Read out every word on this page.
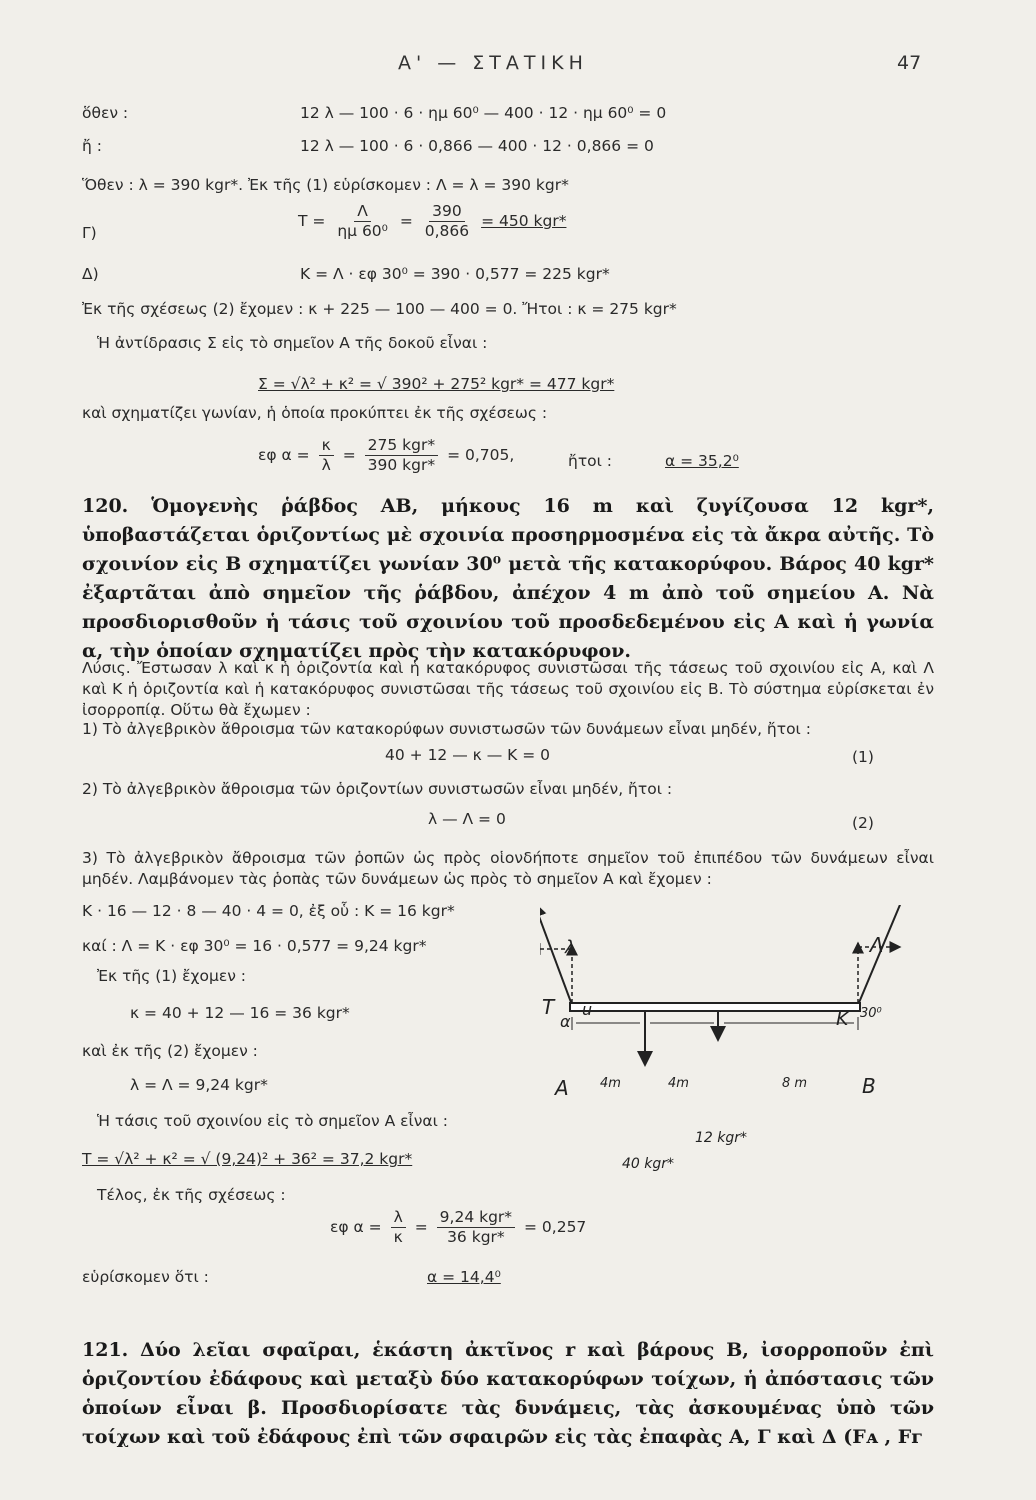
Α' — ΣΤΑΤΙΚΗ	47
ὅθεν :	12 λ — 100 · 6 · ημ 60⁰ — 400 · 12 · ημ 60⁰ = 0
ἤ :	12 λ — 100 · 6 · 0,866 — 400 · 12 · 0,866 = 0
Ὅθεν : λ = 390 kgr*. Ἐκ τῆς (1) εὑρίσκομεν : Λ = λ = 390 kgr*
Γ)
$T = \frac{\Lambda}{\text{ημ 60⁰}} = \frac{390}{0,866} = 450$ kgr*
Δ)	K = Λ · εφ 30⁰ = 390 · 0,577 = 225 kgr*
Ἐκ τῆς σχέσεως (2) ἔχομεν : κ + 225 — 100 — 400 = 0. Ἤτοι : κ = 275 kgr*
Ἡ ἀντίδρασις Σ εἰς τὸ σημεῖον Α τῆς δοκοῦ εἶναι :
Σ = √λ² + κ² = √ 390² + 275² kgr* = 477 kgr*
καὶ σχηματίζει γωνίαν, ἡ ὁποία προκύπτει ἐκ τῆς σχέσεως :
εφ $\alpha = \frac{\kappa}{\lambda} = \frac{\text{275 kgr*}}{\text{390 kgr*}} = 0,705$,	ἤτοι :	α = 35,2⁰
120. Ὁμογενὴς ῥάβδος ΑΒ, μήκους 16 m καὶ ζυγίζουσα 12 kgr*, ὑποβαστάζεται ὁριζοντίως μὲ σχοινία προσηρμοσμένα εἰς τὰ ἄκρα αὐτῆς. Τὸ σχοινίον εἰς Β σχηματίζει γωνίαν 30⁰ μετὰ τῆς κατακορύφου. Βάρος 40 kgr* ἐξαρτᾶται ἀπὸ σημεῖον τῆς ῥάβδου, ἀπέχον 4 m ἀπὸ τοῦ σημείου Α. Νὰ προσδιορισθοῦν ἡ τάσις τοῦ σχοινίου τοῦ προσδεδεμένου εἰς Α καὶ ἡ γωνία α, τὴν ὁποίαν σχηματίζει πρὸς τὴν κατακόρυφον.
Λύσις. Ἔστωσαν λ καὶ κ ἡ ὁριζοντία καὶ ἡ κατακόρυφος συνιστῶσαι τῆς τάσεως τοῦ σχοινίου εἰς Α, καὶ Λ καὶ Κ ἡ ὁριζοντία καὶ ἡ κατακόρυφος συνιστῶσαι τῆς τάσεως τοῦ σχοινίου εἰς Β. Τὸ σύστημα εὑρίσκεται ἐν ἰσορροπίᾳ. Οὕτω θὰ ἔχωμεν :
1) Τὸ ἀλγεβρικὸν ἄθροισμα τῶν κατακορύφων συνιστωσῶν τῶν δυνάμεων εἶναι μηδέν, ἤτοι :
40 + 12 — κ — K = 0	(1)
2) Τὸ ἀλγεβρικὸν ἄθροισμα τῶν ὁριζοντίων συνιστωσῶν εἶναι μηδέν, ἤτοι :
λ — Λ = 0	(2)
3) Τὸ ἀλγεβρικὸν ἄθροισμα τῶν ῥοπῶν ὡς πρὸς οἱονδήποτε σημεῖον τοῦ ἐπιπέδου τῶν δυνάμεων εἶναι μηδέν. Λαμβάνομεν τὰς ῥοπὰς τῶν δυνάμεων ὡς πρὸς τὸ σημεῖον Α καὶ ἔχομεν :
K · 16 — 12 · 8 — 40 · 4 = 0, ἐξ οὗ : K = 16 kgr*
καί : Λ = K · εφ 30⁰ = 16 · 0,577 = 9,24 kgr*
Ἐκ τῆς (1) ἔχομεν :
κ = 40 + 12 — 16 = 36 kgr*
καὶ ἐκ τῆς (2) ἔχομεν :
λ = Λ = 9,24 kgr*
Ἡ τάσις τοῦ σχοινίου εἰς τὸ σημεῖον Α εἶναι :
T = √λ² + κ² = √ (9,24)² + 36² = 37,2 kgr*
Τέλος, ἐκ τῆς σχέσεως :
εφ $\alpha = \frac{\lambda}{\kappa} = \frac{\text{9,24 kgr*}}{\text{36 kgr*}} = 0,257$
εὑρίσκομεν ὅτι :	α = 14,4⁰
λ	Λ
T u
α	K 30⁰
A	B
4m	4m	8 m
12 kgr*
40 kgr*
121. Δύο λεῖαι σφαῖραι, ἑκάστη ἀκτῖνος r καὶ βάρους Β, ἰσορροποῦν ἐπὶ ὁριζοντίου ἐδάφους καὶ μεταξὺ δύο κατακορύφων τοίχων, ἡ ἀπόστασις τῶν ὁποίων εἶναι β. Προσδιορίσατε τὰς δυνάμεις, τὰς ἀσκουμένας ὑπὸ τῶν τοίχων καὶ τοῦ ἐδάφους ἐπὶ τῶν σφαιρῶν εἰς τὰς ἐπαφὰς Α, Γ καὶ Δ (Fᴀ , Fᴦ
